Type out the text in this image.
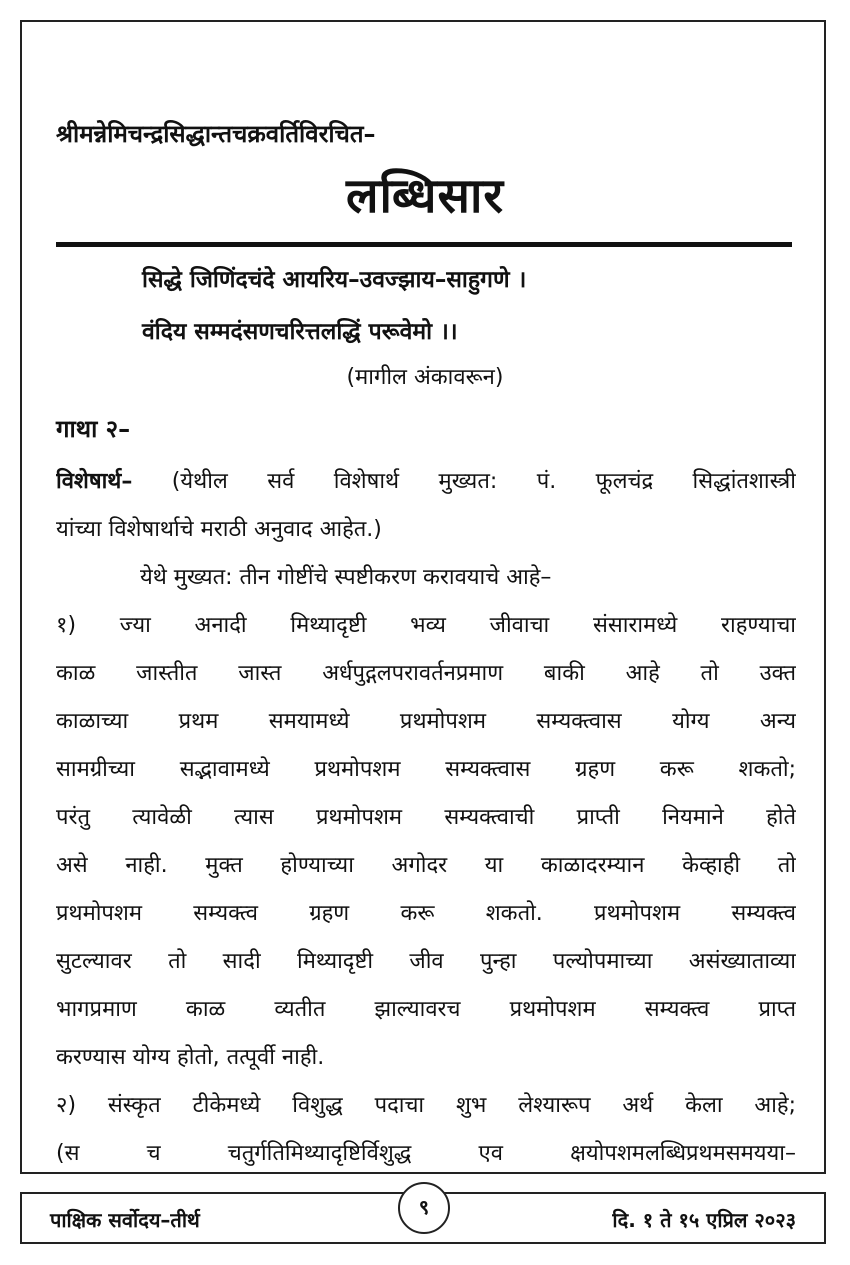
श्रीमन्नेमिचन्द्रसिद्धान्तचक्रवर्तिविरचित–
लब्धिसार
सिद्धे जिणिंदचंदे आयरिय–उवज्झाय–साहुगणे ।
वंदिय सम्मदंसणचरित्तलद्धिं परूवेमो ।।
(मागील अंकावरून)
गाथा २–
विशेषार्थ– (येथील सर्व विशेषार्थ मुख्यत: पं. फूलचंद्र सिद्धांतशास्त्री
यांच्या विशेषार्थाचे मराठी अनुवाद आहेत.)
येथे मुख्यत: तीन गोष्टींचे स्पष्टीकरण करावयाचे आहे–
१) ज्या अनादी मिथ्यादृष्टी भव्य जीवाचा संसारामध्ये राहण्याचा
काळ जास्तीत जास्त अर्धपुद्गलपरावर्तनप्रमाण बाकी आहे तो उक्त
काळाच्या प्रथम समयामध्ये प्रथमोपशम सम्यक्त्वास योग्य अन्य
सामग्रीच्या सद्भावामध्ये प्रथमोपशम सम्यक्त्वास ग्रहण करू शकतो;
परंतु त्यावेळी त्यास प्रथमोपशम सम्यक्त्वाची प्राप्ती नियमाने होते
असे नाही. मुक्त होण्याच्या अगोदर या काळादरम्यान केव्हाही तो
प्रथमोपशम सम्यक्त्व ग्रहण करू शकतो. प्रथमोपशम सम्यक्त्व
सुटल्यावर तो सादी मिथ्यादृष्टी जीव पुन्हा पल्योपमाच्या असंख्याताव्या
भागप्रमाण काळ व्यतीत झाल्यावरच प्रथमोपशम सम्यक्त्व प्राप्त
करण्यास योग्य होतो, तत्पूर्वी नाही.
२) संस्कृत टीकेमध्ये विशुद्ध पदाचा शुभ लेश्यारूप अर्थ केला आहे;
(स च चतुर्गतिमिथ्यादृष्टिर्विशुद्ध एव क्षयोपशमलब्धिप्रथमसमयया–
पाक्षिक सर्वोदय–तीर्थ
९
दि. १ ते १५ एप्रिल २०२३
